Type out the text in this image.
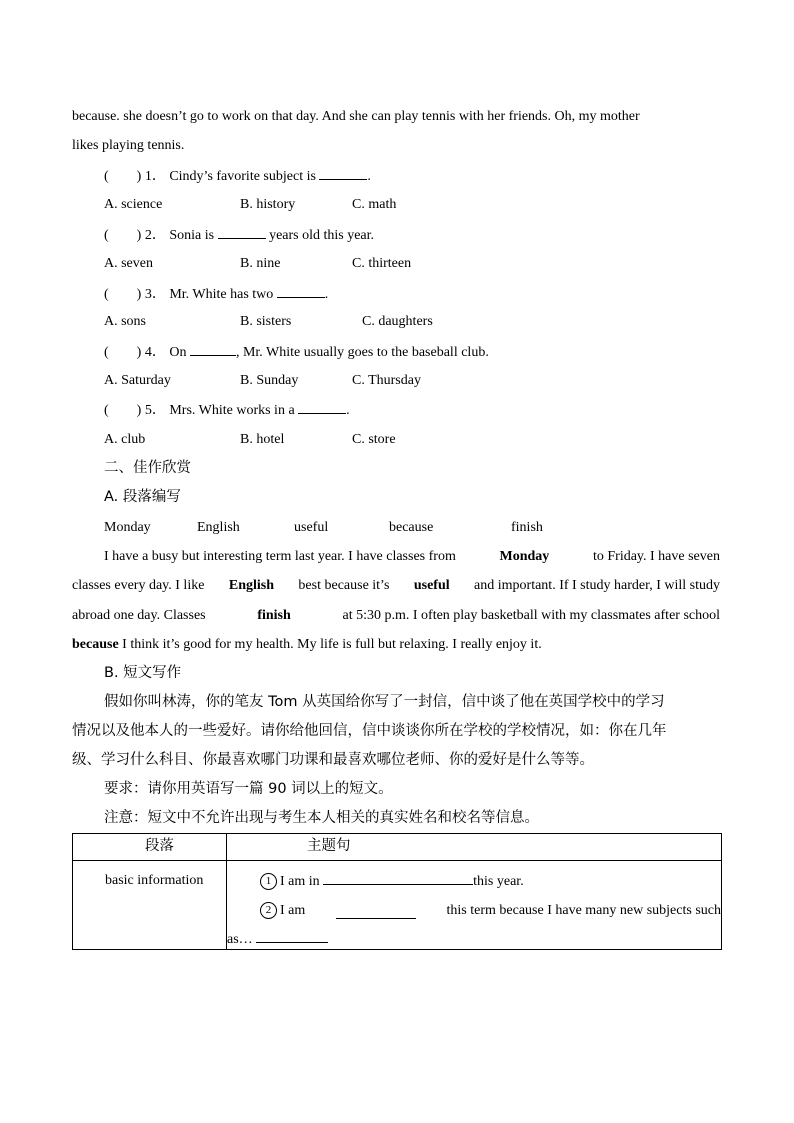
because. she doesn’t go to work on that day. And she can play tennis with her friends. Oh, my mother
likes playing tennis.
(　　) 1． Cindy’s favorite subject is	.
A. science	B. history	C. math
(　　) 2． Sonia is	years old this year.
A. seven	B. nine	C. thirteen
(　　) 3． Mr. White has two	.
A. sons	B. sisters	C. daughters
(　　) 4． On	, Mr. White usually goes to the baseball club.
A. Saturday	B. Sunday	C. Thursday
(　　) 5． Mrs. White works in a	.
A. club	B. hotel	C. store
二、佳作欣赏
A. 段落编写
Monday	English	useful	because	finish
I have a busy but interesting term last year. I have classes from	Monday	to Friday. I have seven
classes every day. I like English best because it’s useful and important. If I study harder, I will study
abroad one day. Classes	finish	at 5:30 p.m. I often play basketball with my classmates after school
because I think it’s good for my health. My life is full but relaxing. I really enjoy it.
B. 短文写作
假如你叫林涛，你的笔友 Tom 从英国给你写了一封信，信中谈了他在英国学校中的学习
情况以及他本人的一些爱好。请你给他回信，信中谈谈你所在学校的学校情况，如：你在几年
级、学习什么科目、你最喜欢哪门功课和最喜欢哪位老师、你的爱好是什么等等。
要求：请你用英语写一篇 90 词以上的短文。
注意：短文中不允许出现与考生本人相关的真实姓名和校名等信息。
段落	主题句

basic information	1 I am in this year.
2 I am this term because I have many new subjects such
as…
